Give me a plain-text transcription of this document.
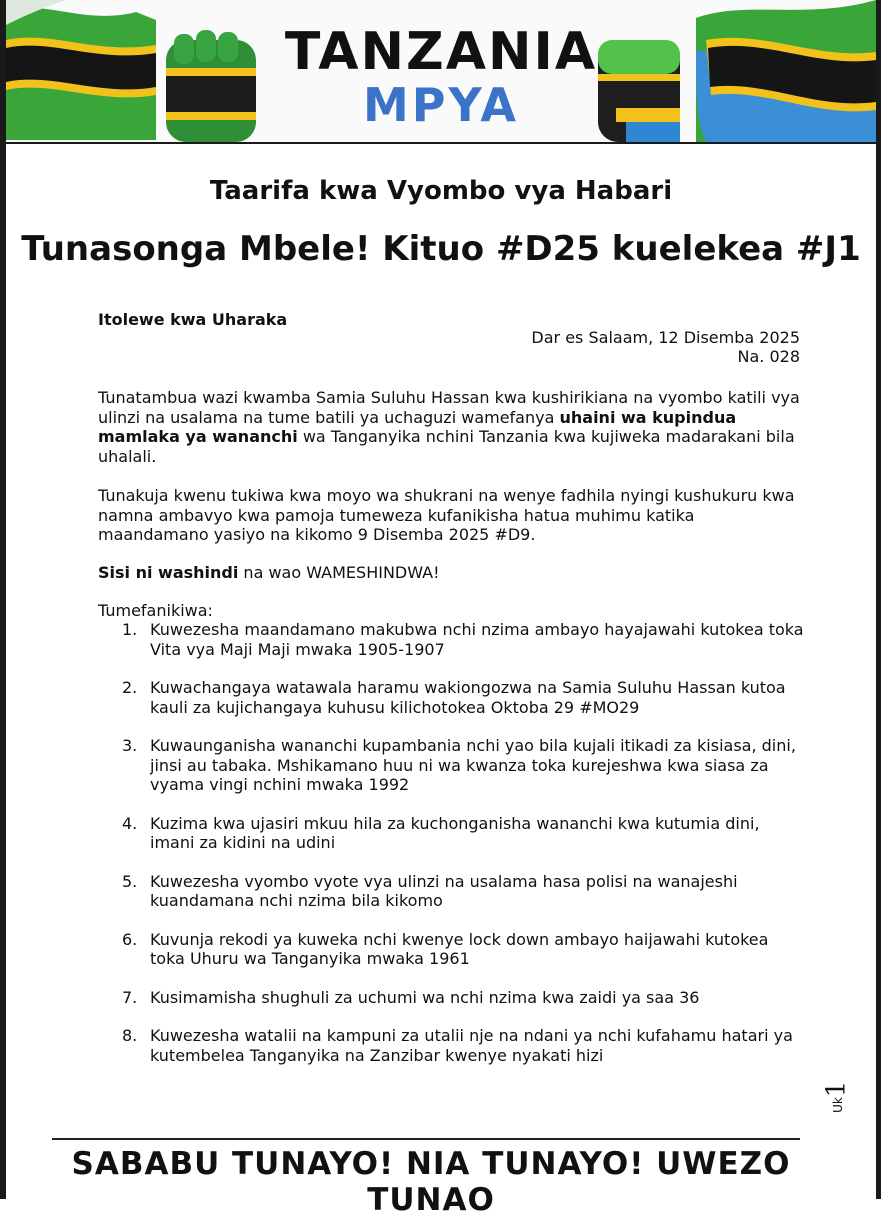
TANZANIA
MPYA
Taarifa kwa Vyombo vya Habari
Tunasonga Mbele! Kituo #D25 kuelekea #J1
Itolewe kwa Uharaka
Dar es Salaam, 12 Disemba 2025
Na. 028
Tunatambua wazi kwamba Samia Suluhu Hassan kwa kushirikiana na vyombo katili vya ulinzi na usalama na tume batili ya uchaguzi wamefanya uhaini wa kupindua mamlaka ya wananchi wa Tanganyika nchini Tanzania kwa kujiweka madarakani bila uhalali.
Tunakuja kwenu tukiwa kwa moyo wa shukrani na wenye fadhila nyingi kushukuru kwa namna ambavyo kwa pamoja tumeweza kufanikisha hatua muhimu katika maandamano yasiyo na kikomo 9 Disemba 2025 #D9.
Sisi ni washindi na wao WAMESHINDWA!
Tumefanikiwa:
1. Kuwezesha maandamano makubwa nchi nzima ambayo hayajawahi kutokea toka Vita vya Maji Maji mwaka 1905-1907
2. Kuwachangaya watawala haramu wakiongozwa na Samia Suluhu Hassan kutoa kauli za kujichangaya kuhusu kilichotokea Oktoba 29 #MO29
3. Kuwaunganisha wananchi kupambania nchi yao bila kujali itikadi za kisiasa, dini, jinsi au tabaka. Mshikamano huu ni wa kwanza toka kurejeshwa kwa siasa za vyama vingi nchini mwaka 1992
4. Kuzima kwa ujasiri mkuu hila za kuchonganisha wananchi kwa kutumia dini, imani za kidini na udini
5. Kuwezesha vyombo vyote vya ulinzi na usalama hasa polisi na wanajeshi kuandamana nchi nzima bila kikomo
6. Kuvunja rekodi ya kuweka nchi kwenye lock down ambayo haijawahi kutokea toka Uhuru wa Tanganyika mwaka 1961
7. Kusimamisha shughuli za uchumi wa nchi nzima kwa zaidi ya saa 36
8. Kuwezesha watalii na kampuni za utalii nje na ndani ya nchi kufahamu hatari ya kutembelea Tanganyika na Zanzibar kwenye nyakati hizi
Uk
1
SABABU TUNAYO! NIA TUNAYO! UWEZO TUNAO
